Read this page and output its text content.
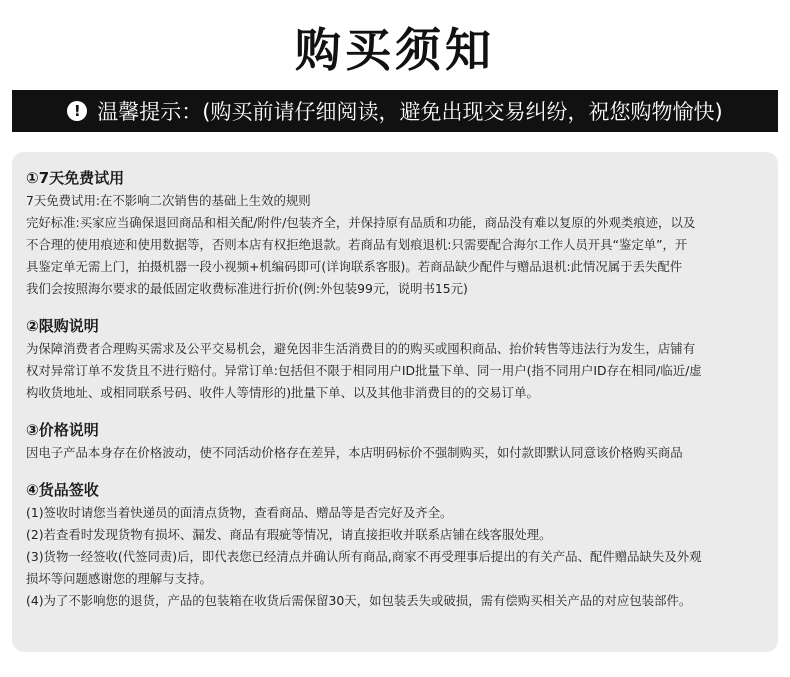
购买须知
! 温馨提示：(购买前请仔细阅读，避免出现交易纠纷，祝您购物愉快)
①7天免费试用
7天免费试用:在不影响二次销售的基础上生效的规则
完好标准:买家应当确保退回商品和相关配/附件/包装齐全，并保持原有品质和功能，商品没有难以复原的外观类痕迹，以及
不合理的使用痕迹和使用数据等，否则本店有权拒绝退款。若商品有划痕退机:只需要配合海尔工作人员开具“鉴定单”，开
具鉴定单无需上门，拍摄机器一段小视频+机编码即可(详询联系客服)。若商品缺少配件与赠品退机:此情况属于丢失配件
我们会按照海尔要求的最低固定收费标准进行折价(例:外包装99元，说明书15元)
②限购说明
为保障消费者合理购买需求及公平交易机会，避免因非生活消费目的的购买或囤积商品、抬价转售等违法行为发生，店铺有
权对异常订单不发货且不进行赔付。异常订单:包括但不限于相同用户ID批量下单、同一用户(指不同用户ID存在相同/临近/虚
构收货地址、或相同联系号码、收件人等情形的)批量下单、以及其他非消费目的的交易订单。
③价格说明
因电子产品本身存在价格波动，使不同活动价格存在差异，本店明码标价不强制购买，如付款即默认同意该价格购买商品
④货品签收
(1)签收时请您当着快递员的面清点货物，查看商品、赠品等是否完好及齐全。
(2)若查看时发现货物有损坏、漏发、商品有瑕疵等情况，请直接拒收并联系店铺在线客服处理。
(3)货物一经签收(代签同责)后，即代表您已经清点并确认所有商品,商家不再受理事后提出的有关产品、配件赠品缺失及外观
损坏等问题感谢您的理解与支持。
(4)为了不影响您的退货，产品的包装箱在收货后需保留30天，如包装丢失或破损，需有偿购买相关产品的对应包装部件。
